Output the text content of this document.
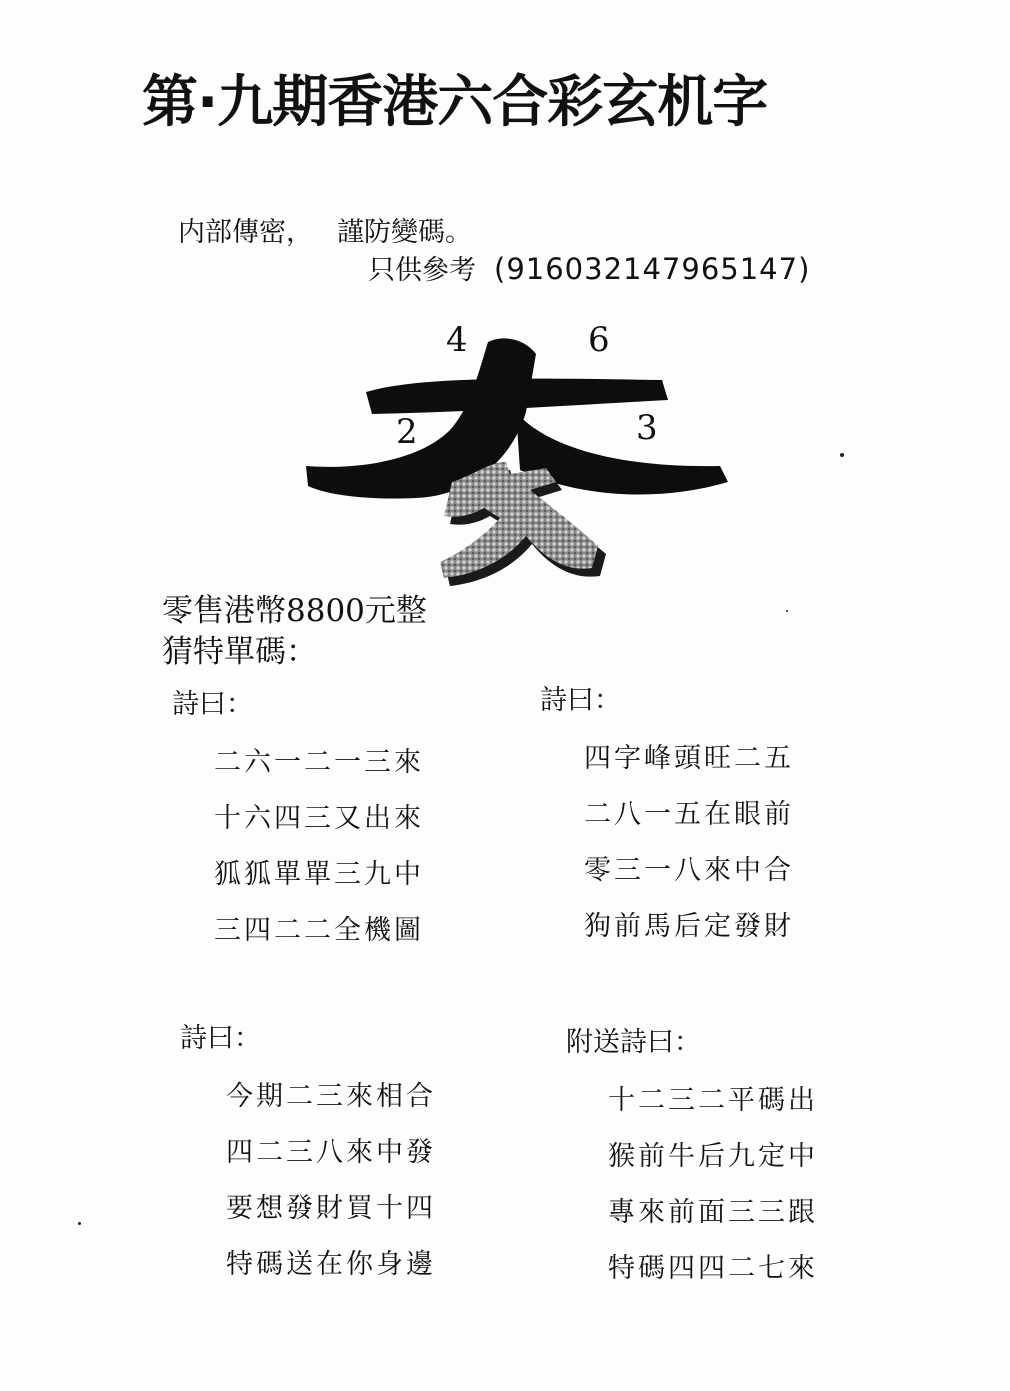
第·九期香港六合彩玄机字
内部傳密， 謹防變碼。
只供參考 (916032147965147)
4	6
2	3
零售港幣8800元整
猜特單碼：
詩曰：
二六一二一三來
十六四三又出來
狐狐單單三九中
三四二二全機圖
詩曰：
四字峰頭旺二五
二八一五在眼前
零三一八來中合
狗前馬后定發財
詩曰：
今期二三來相合
四二三八來中發
要想發財買十四
特碼送在你身邊
附送詩曰：
十二三二平碼出
猴前牛后九定中
專來前面三三跟
特碼四四二七來
